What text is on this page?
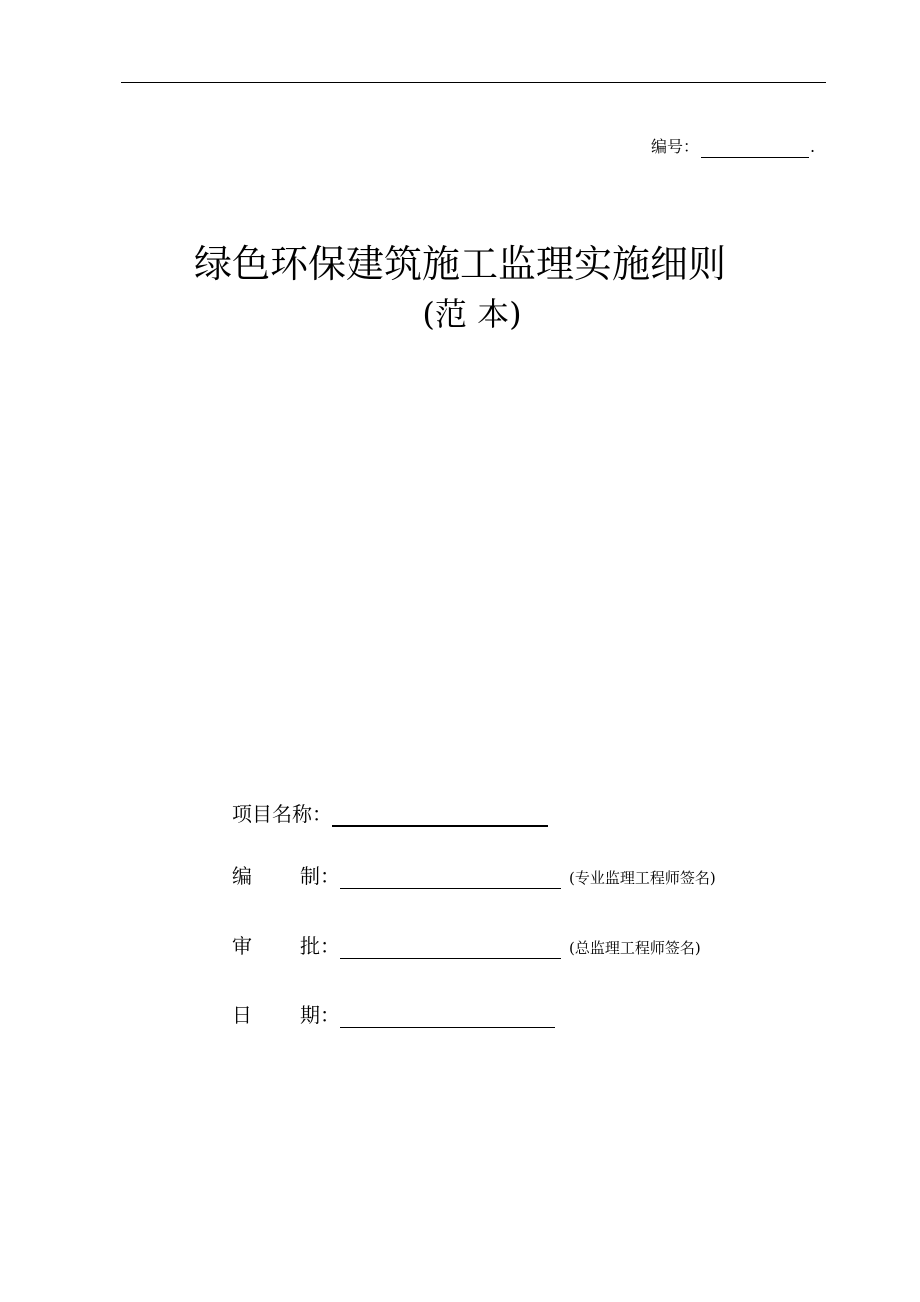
编号：	.
绿色环保建筑施工监理实施细则
(范 本)
项目名称 ：
编 制 ：	(专业监理工程师签名)
审 批 ：	(总监理工程师签名)
日 期 ：
